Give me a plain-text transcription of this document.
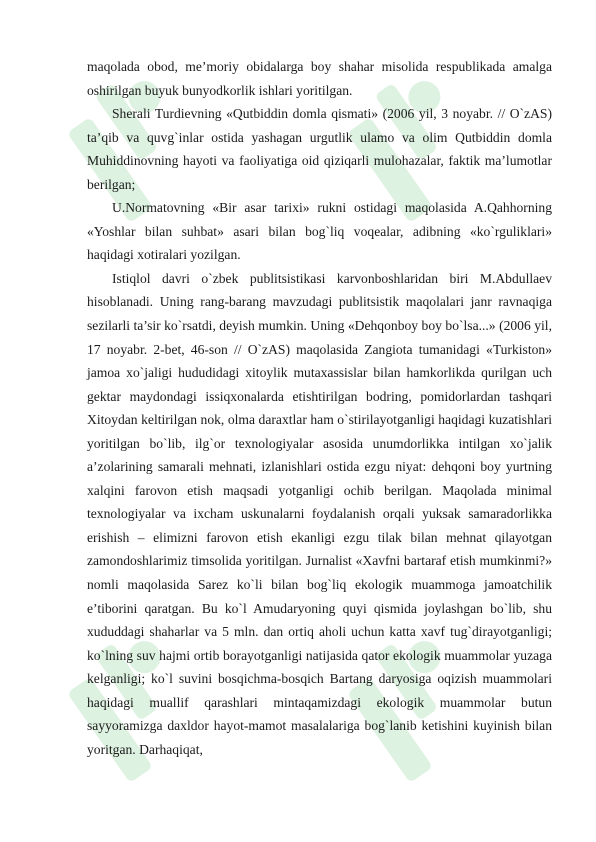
maqolada obod, me’moriy obidalarga boy shahar misolida respublikada amalga oshirilgan buyuk bunyodkorlik ishlari yoritilgan.

Sherali Turdievning «Qutbiddin domla qismati» (2006 yil, 3 noyabr. // O`zAS) ta’qib va quvg`inlar ostida yashagan urgutlik ulamo va olim Qutbiddin domla Muhiddinovning hayoti va faoliyatiga oid qiziqarli mulohazalar, faktik ma’lumotlar berilgan;

U.Normatovning «Bir asar tarixi» rukni ostidagi maqolasida A.Qahhorning «Yoshlar bilan suhbat» asari bilan bog`liq voqealar, adibning «ko`rguliklari» haqidagi xotiralari yozilgan.

Istiqlol davri o`zbek publitsistikasi karvonboshlaridan biri M.Abdullaev hisoblanadi. Uning rang-barang mavzudagi publitsistik maqolalari janr ravnaqiga sezilarli ta’sir ko`rsatdi, deyish mumkin. Uning «Dehqonboy boy bo`lsa...» (2006 yil, 17 noyabr. 2-bet, 46-son // O`zAS) maqolasida Zangiota tumanidagi «Turkiston» jamoa xo`jaligi hududidagi xitoylik mutaxassislar bilan hamkorlikda qurilgan uch gektar maydondagi issiqxonalarda etishtirilgan bodring, pomidorlardan tashqari Xitoydan keltirilgan nok, olma daraxtlar ham o`stirilayotganligi haqidagi kuzatishlari yoritilgan bo`lib, ilg`or texnologiyalar asosida unumdorlikka intilgan xo`jalik a’zolarining samarali mehnati, izlanishlari ostida ezgu niyat: dehqoni boy yurtning xalqini farovon etish maqsadi yotganligi ochib berilgan. Maqolada minimal texnologiyalar va ixcham uskunalarni foydalanish orqali yuksak samaradorlikka erishish – elimizni farovon etish ekanligi ezgu tilak bilan mehnat qilayotgan zamondoshlarimiz timsolida yoritilgan. Jurnalist «Xavfni bartaraf etish mumkinmi?» nomli maqolasida Sarez ko`li bilan bog`liq ekologik muammoga jamoatchilik e’tiborini qaratgan. Bu ko`l Amudaryoning quyi qismida joylashgan bo`lib, shu xududdagi shaharlar va 5 mln. dan ortiq aholi uchun katta xavf tug`dirayotganligi; ko`lning suv hajmi ortib borayotganligi natijasida qator ekologik muammolar yuzaga kelganligi; ko`l suvini bosqichma-bosqich Bartang daryosiga oqizish muammolari haqidagi muallif qarashlari mintaqamizdagi ekologik muammolar butun sayyoramizga daxldor hayot-mamot masalalariga bog`lanib ketishini kuyinish bilan yoritgan. Darhaqiqat,
